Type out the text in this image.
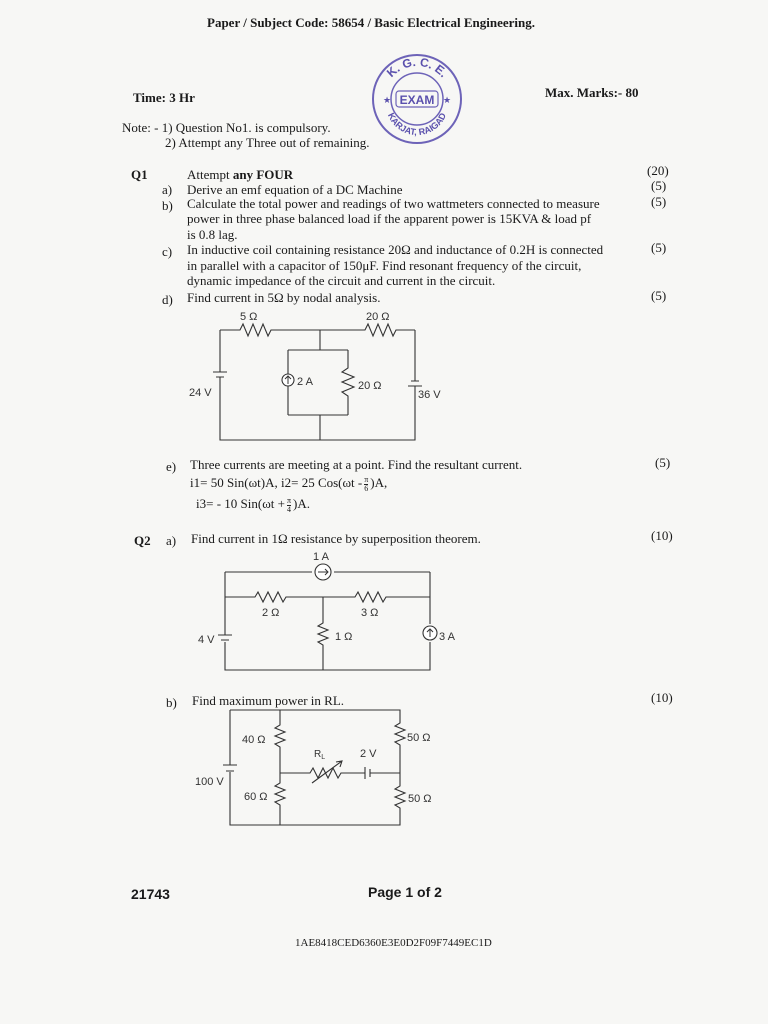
Paper / Subject Code: 58654 / Basic Electrical Engineering.
Time: 3 Hr	Max. Marks:- 80
Note: - 1) Question No1. is compulsory.
2) Attempt any Three out of remaining.
K. G. C. E.
EXAM
KARJAT, RAIGAD
★	★
Q1	Attempt any FOUR	(20)
a) Derive an emf equation of a DC Machine	(5)
b) Calculate the total power and readings of two wattmeters connected to measure
power in three phase balanced load if the apparent power is 15KVA & load pf
is 0.8 lag.
(5)
c) In inductive coil containing resistance 20Ω and inductance of 0.2H is connected
in parallel with a capacitor of 150μF. Find resonant frequency of the circuit,
dynamic impedance of the circuit and current in the circuit.
(5)
d) Find current in 5Ω by nodal analysis.	(5)
5 Ω	20 Ω
2 A	20 Ω
24 V	36 V
e) Three currents are meeting at a point. Find the resultant current.	(5)
i1= 50 Sin(ωt)A, i2= 25 $Cos(\omega t - \frac{\pi}{6} )A$,
i3= - 10 $Sin(\omega t + \frac{\pi}{4} )A$.
Q2 a) Find current in 1Ω resistance by superposition theorem.	(10)
1 A
2 Ω	3 Ω
1 Ω
4 V	3 A
b) Find maximum power in RL.	(10)
40 Ω
60 Ω
50 Ω
50 Ω
$R_L$	2 V
100 V
21743	Page 1 of 2
1AE8418CED6360E3E0D2F09F7449EC1D
